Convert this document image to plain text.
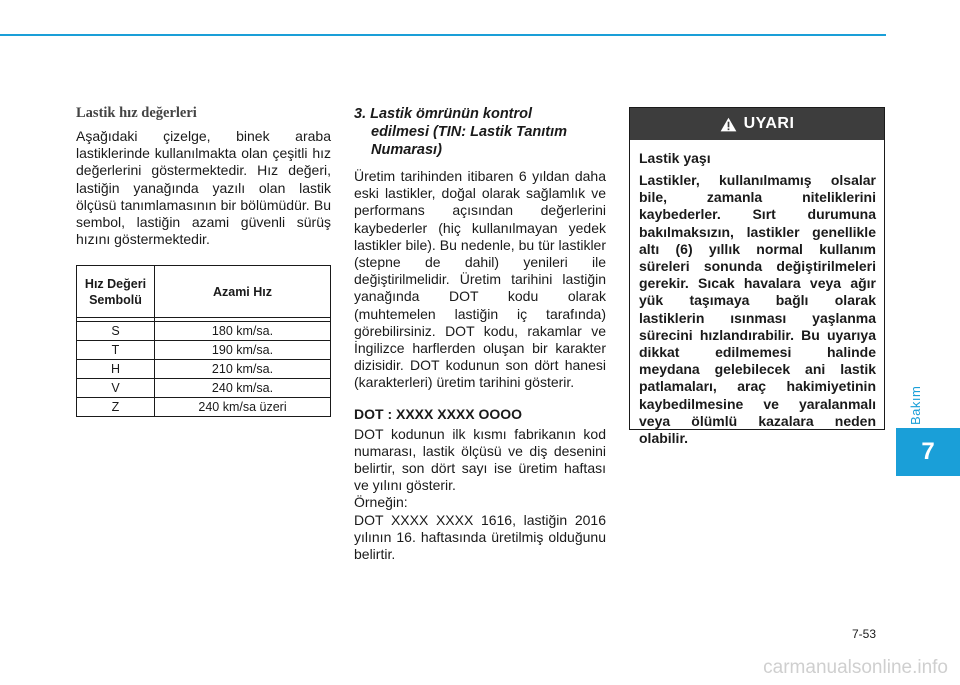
Bakım
7
Lastik hız değerleri

Aşağıdaki çizelge, binek araba lastiklerinde kullanılmakta olan çeşitli hız değerlerini göstermektedir. Hız değeri, lastiğin yanağında yazılı olan lastik ölçüsü tanımlamasının bir bölümüdür. Bu sembol, lastiğin azami güvenli sürüş hızını göstermektedir.

Hız Değeri
Sembolü	Azami Hız

S	180 km/sa.
T	190 km/sa.
H	210 km/sa.
V	240 km/sa.
Z	240 km/sa üzeri
3. Lastik ömrünün kontrol
edilmesi (TIN: Lastik Tanıtım
Numarası)

Üretim tarihinden itibaren 6 yıldan daha eski lastikler, doğal olarak sağlamlık ve performans açısından değerlerini kaybederler (hiç kullanılmayan yedek lastikler bile). Bu nedenle, bu tür lastikler (stepne de dahil) yenileri ile değiştirilmelidir. Üretim tarihini lastiğin yanağında DOT kodu olarak (muhtemelen lastiğin iç tarafında) görebilirsiniz. DOT kodu, rakamlar ve İngilizce harflerden oluşan bir karakter dizisidir. DOT kodunun son dört hanesi (karakterleri) üretim tarihini gösterir.

DOT : XXXX XXXX OOOO

DOT kodunun ilk kısmı fabrikanın kod numarası, lastik ölçüsü ve diş desenini belirtir, son dört sayı ise üretim haftası ve yılını gösterir.

Örneğin:

DOT XXXX XXXX 1616, lastiğin 2016 yılının 16. haftasında üretilmiş olduğunu belirtir.

UYARI

Lastik yaşı

Lastikler, kullanılmamış olsalar bile, zamanla niteliklerini kaybederler. Sırt durumuna bakılmaksızın, lastikler genellikle altı (6) yıllık normal kullanım süreleri sonunda değiştirilmeleri gerekir. Sıcak havalara veya ağır yük taşımaya bağlı olarak lastiklerin ısınması yaşlanma sürecini hızlandırabilir. Bu uyarıya dikkat edilmemesi halinde meydana gelebilecek ani lastik patlamaları, araç hakimiyetinin kaybedilmesine ve yaralanmalı veya ölümlü kazalara neden olabilir.

7-53
carmanualsonline.info
